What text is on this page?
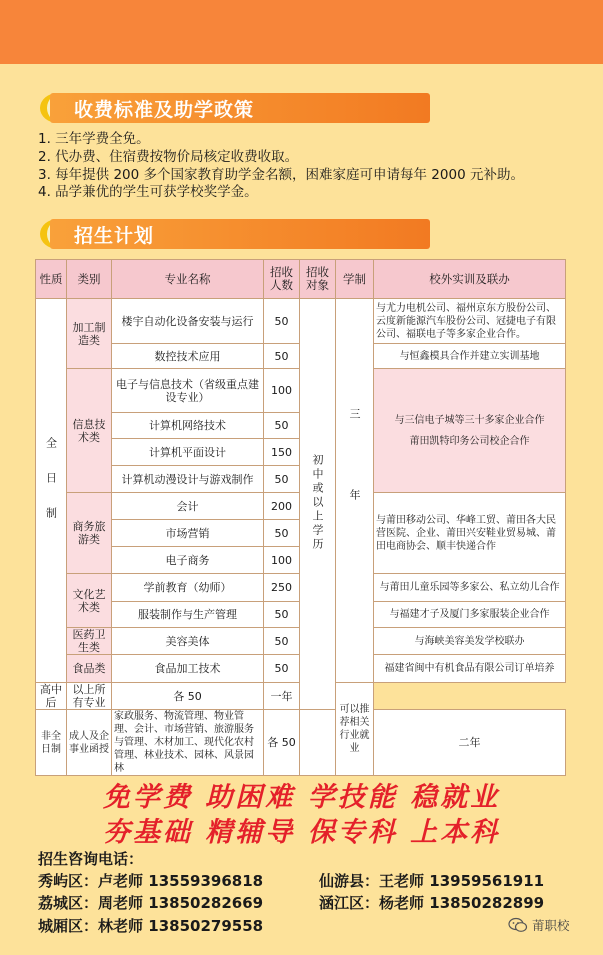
收费标准及助学政策
1. 三年学费全免。
2. 代办费、住宿费按物价局核定收费收取。
3. 每年提供 200 多个国家教育助学金名额，困难家庭可申请每年 2000 元补助。
4. 品学兼优的学生可获学校奖学金。
招生计划
性质	类别	专业名称	招收人数	招收对象	学制	校外实训及联办
全日制	加工制造类	楼宇自动化设备安装与运行	50	初中或以上学历	三年	与尤力电机公司、福州京东方股份公司、云度新能源汽车股份公司、冠捷电子有限公司、福联电子等多家企业合作。
		数控技术应用	50			与恒鑫模具合作并建立实训基地
	信息技术类	电子与信息技术（省级重点建设专业）	100			与三信电子城等三十多家企业合作
莆田凯特印务公司校企合作

		计算机网络技术	50			
		计算机平面设计	150			
		计算机动漫设计与游戏制作	50			
	商务旅游类	会计	200			与莆田移动公司、华峰工贸、莆田各大民营医院、企业、莆田兴安鞋业贸易城、莆田电商协会、顺丰快递合作
		市场营销	50			
		电子商务	100			
	文化艺术类	学前教育（幼师）	250			与莆田儿童乐园等多家公、私立幼儿合作
		服装制作与生产管理	50			与福建才子及厦门多家服装企业合作
	医药卫生类	美容美体	50			与海峡美容美发学校联办
	食品类	食品加工技术	50			福建省闽中有机食品有限公司订单培养
高中后	以上所有专业	各 50	一年		可以推荐相关行业就业	
非全日制	成人及企事业函授	家政服务、物流管理、物业管理、会计、市场营销、旅游服务与管理、木材加工、现代化农村管理、林业技术、园林、风景园林	各 50			二年
免学费 助困难 学技能 稳就业
夯基础 精辅导 保专科 上本科
招生咨询电话：
秀屿区：卢老师 13559396818	仙游县：王老师 13959561911
荔城区：周老师 13850282669	涵江区：杨老师 13850282899
城厢区：林老师 13850279558	莆职校
